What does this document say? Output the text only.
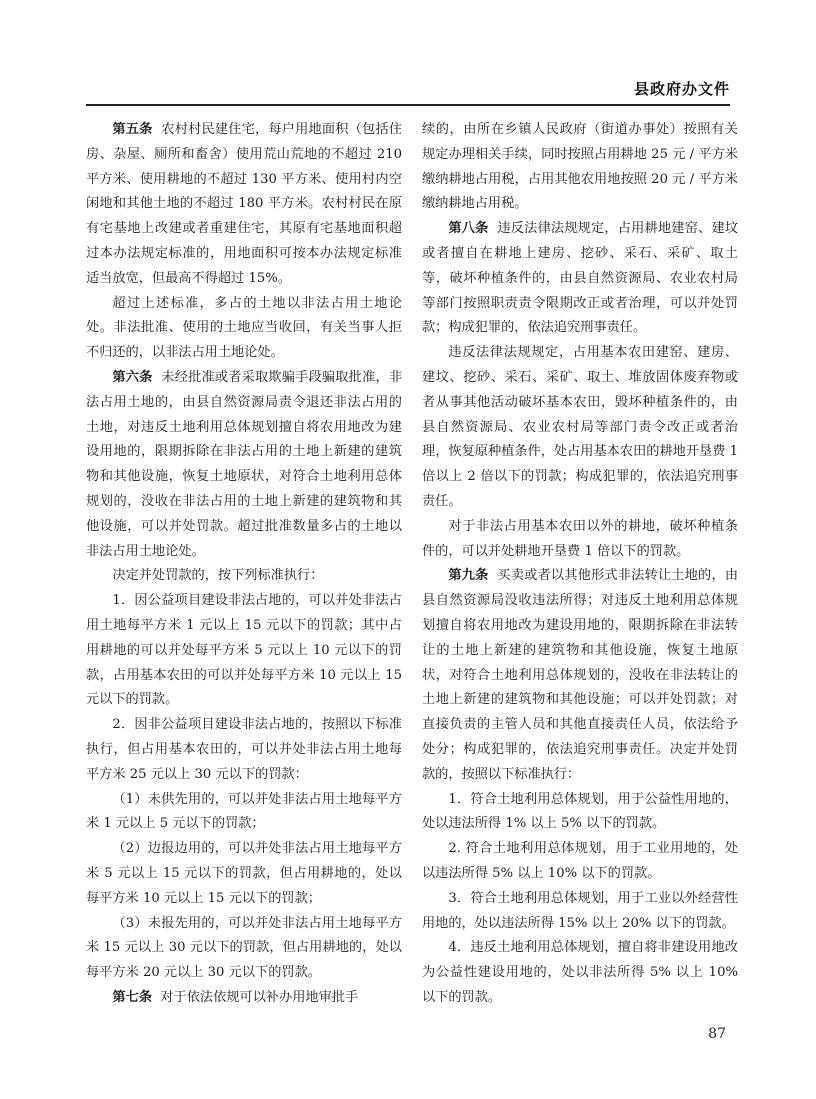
县政府办文件

第五条 农村村民建住宅，每户用地面积（包括住房、杂屋、厕所和畜舍）使用荒山荒地的不超过 210 平方米、使用耕地的不超过 130 平方米、使用村内空闲地和其他土地的不超过 180 平方米。农村村民在原有宅基地上改建或者重建住宅，其原有宅基地面积超过本办法规定标准的，用地面积可按本办法规定标准适当放宽，但最高不得超过 15%。

超过上述标准，多占的土地以非法占用土地论处。非法批准、使用的土地应当收回，有关当事人拒不归还的，以非法占用土地论处。

第六条 未经批准或者采取欺骗手段骗取批准，非法占用土地的，由县自然资源局责令退还非法占用的土地，对违反土地利用总体规划擅自将农用地改为建设用地的，限期拆除在非法占用的土地上新建的建筑物和其他设施，恢复土地原状，对符合土地利用总体规划的，没收在非法占用的土地上新建的建筑物和其他设施，可以并处罚款。超过批准数量多占的土地以非法占用土地论处。

决定并处罚款的，按下列标准执行：

1．因公益项目建设非法占地的，可以并处非法占用土地每平方米 1 元以上 15 元以下的罚款；其中占用耕地的可以并处每平方米 5 元以上 10 元以下的罚款，占用基本农田的可以并处每平方米 10 元以上 15 元以下的罚款。

2．因非公益项目建设非法占地的，按照以下标准执行，但占用基本农田的，可以并处非法占用土地每平方米 25 元以上 30 元以下的罚款：

（1）未供先用的，可以并处非法占用土地每平方米 1 元以上 5 元以下的罚款；

（2）边报边用的，可以并处非法占用土地每平方米 5 元以上 15 元以下的罚款，但占用耕地的，处以每平方米 10 元以上 15 元以下的罚款；

（3）未报先用的，可以并处非法占用土地每平方米 15 元以上 30 元以下的罚款，但占用耕地的，处以每平方米 20 元以上 30 元以下的罚款。

第七条 对于依法依规可以补办用地审批手

续的，由所在乡镇人民政府（街道办事处）按照有关规定办理相关手续，同时按照占用耕地 25 元 / 平方米缴纳耕地占用税，占用其他农用地按照 20 元 / 平方米缴纳耕地占用税。

第八条 违反法律法规规定，占用耕地建窑、建坟或者擅自在耕地上建房、挖砂、采石、采矿、取土等，破坏种植条件的，由县自然资源局、农业农村局等部门按照职责责令限期改正或者治理，可以并处罚款；构成犯罪的，依法追究刑事责任。

违反法律法规规定，占用基本农田建窑、建房、建坟、挖砂、采石、采矿、取土、堆放固体废弃物或者从事其他活动破坏基本农田，毁坏种植条件的，由县自然资源局、农业农村局等部门责令改正或者治理，恢复原种植条件，处占用基本农田的耕地开垦费 1 倍以上 2 倍以下的罚款；构成犯罪的，依法追究刑事责任。

对于非法占用基本农田以外的耕地，破坏种植条件的，可以并处耕地开垦费 1 倍以下的罚款。

第九条 买卖或者以其他形式非法转让土地的，由县自然资源局没收违法所得；对违反土地利用总体规划擅自将农用地改为建设用地的，限期拆除在非法转让的土地上新建的建筑物和其他设施，恢复土地原状，对符合土地利用总体规划的，没收在非法转让的土地上新建的建筑物和其他设施；可以并处罚款；对直接负责的主管人员和其他直接责任人员，依法给予处分；构成犯罪的，依法追究刑事责任。决定并处罚款的，按照以下标准执行：

1．符合土地利用总体规划，用于公益性用地的，处以违法所得 1% 以上 5% 以下的罚款。

2. 符合土地利用总体规划，用于工业用地的，处以违法所得 5% 以上 10% 以下的罚款。

3．符合土地利用总体规划，用于工业以外经营性用地的，处以违法所得 15% 以上 20% 以下的罚款。

4．违反土地利用总体规划，擅自将非建设用地改为公益性建设用地的，处以非法所得 5% 以上 10% 以下的罚款。

87
